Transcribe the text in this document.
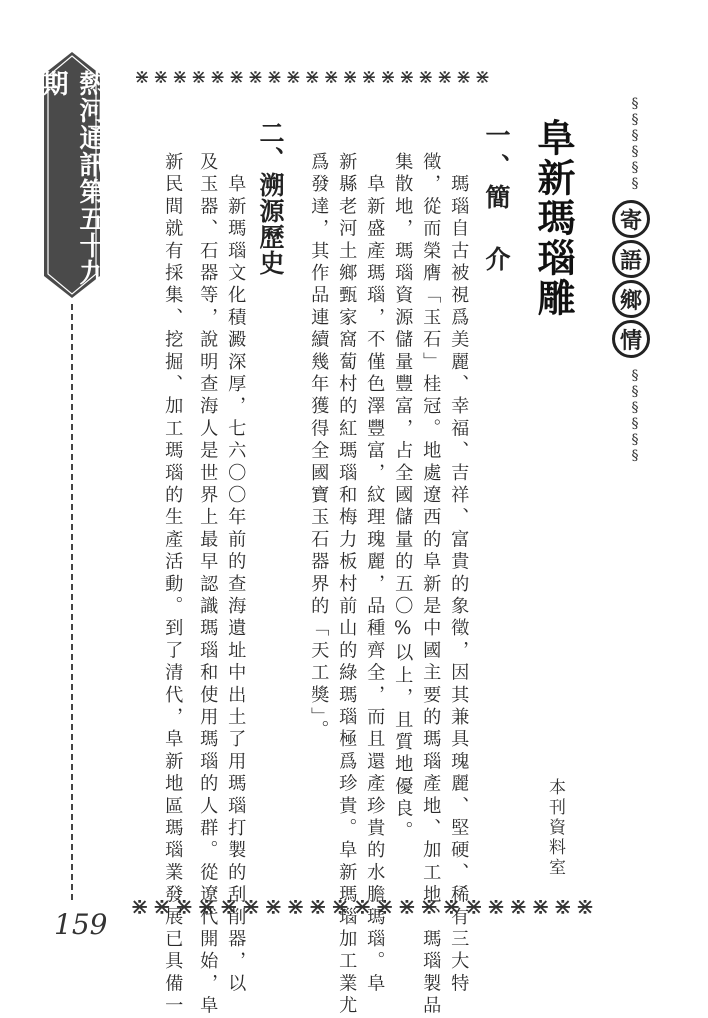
熱河通訊第五十九期
159
⋇⋇⋇⋇⋇⋇⋇⋇⋇⋇⋇⋇⋇⋇⋇⋇⋇⋇⋇
⋇⋇⋇⋇⋇⋇⋇⋇⋇⋇⋇⋇⋇⋇⋇⋇⋇⋇⋇⋇⋇
§§§§§§
寄
語
鄉
情
§§§§§§
阜新瑪瑙雕
本刊資料室
一、簡　介
　瑪瑙自古被視爲美麗、幸福、吉祥、富貴的象徵，因其兼具瑰麗、堅硬、稀有三大特
徵，從而榮膺「玉石」桂冠。地處遼西的阜新是中國主要的瑪瑙產地、加工地、瑪瑙製品
集散地，瑪瑙資源儲量豐富，占全國儲量的五〇%以上，且質地優良。
　阜新盛產瑪瑙，不僅色澤豐富，紋理瑰麗，品種齊全，而且還產珍貴的水膽瑪瑙。阜
新縣老河土鄉甄家窩蔔村的紅瑪瑙和梅力板村前山的綠瑪瑙極爲珍貴。阜新瑪瑙加工業尤
爲發達，其作品連續幾年獲得全國寶玉石器界的「天工獎」。
二、溯源歷史
　阜新瑪瑙文化積澱深厚，七六〇〇年前的查海遺址中出土了用瑪瑙打製的刮削器，以
及玉器、石器等，說明查海人是世界上最早認識瑪瑙和使用瑪瑙的人群。從遼代開始，阜
新民間就有採集、挖掘、加工瑪瑙的生產活動。到了清代，阜新地區瑪瑙業發展已具備一
